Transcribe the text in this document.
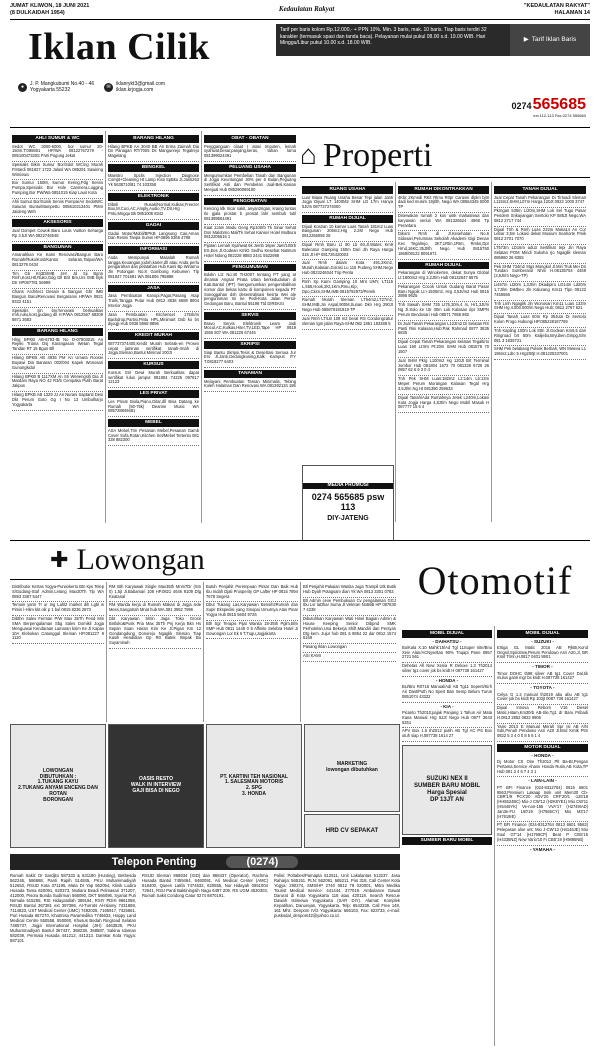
JUMAT KLIWON, 18 JUNI 2021
(8 DULKAIDAH 1954)	Kedaulatan Rakyat	"KEDAULATAN RAKYAT"
HALAMAN 14
Iklan Cilik
●	J. P. Mangkubumi No.40 - 46
Yogyakarta 55232	✉	iklanrykt3@gmail.com
iklan.krjogja.com
Tarif per baris kolom Rp.12.000,- + PPN 10%. Min. 3 baris, mak. 10 baris. Tiap baris terdiri 32 karakter (termasuk spasi dan tanda baca). Pelayanan mulai pukul 08.00 s.d. 19.00 WIB. Hari Minggu/Libur pukul 10.00 s.d. 18.00 WIB.	▶ Tarif Iklan Baris
0274 565685
ext.112-113 Fax.0274 555660
AHLI SUMUR & WC
Sedot WC 3000-6000, bor sumur 20-150m.T:085591 HP/WA 08122767279 - 08510047320S P.Wi Pogung Jekat
Spesialis Bikin Sumur Bor/Sdot WC/ng Murah P.Mardi 081827 1723 Jalasl WA 085291 Sawiring Wimiowa
Bor Sumur 150M, Sumur Kering,Pdg Servis Pompa,Spesialis Bor Hole Canmera,Logging Pumping,Bor PW/Wa 0851019 Kiap Lauir Kota
Ahli Sumur Bor/Sonik Servis Pompa/Air SedotWC Saluran Buntu/Mampettu 085610213401 PMm Jaideng Weh
AKSESORIS
Jual Dompet Cowok Baru Louis Vuitton Seharga Rp 3.5Jt WA 0822746548
BANGUNAN
Amanahkan Ke Kami Renovasi/Bangun Baru Rumah/Ruko/Kost/Kantor Selaran,Talpon/WA 0813278 0434
Tim Gb Krj3D/IMB 4Hr Jd Sji Bgnn Rmh,Kost,Htl,Ruko,Gdg Dll Brit Bm,Urs IMB Byk Dtr HP087781 56999
Chans Architect Desain & Bangun Gbr IMB Bangun Baru/Renovasi Bergaransi HP/WA 0821 9332 4151
Spesialis Ijin bnr/renovasi berkualitas rmh,ruko,kost,gudang dll H:P/WA 0812567 68209 5871 2683
BARANG HILANG
Hlng BPKB AB-6793-IB No D-07903015 An Rejeki Triana Dsj Karangasan Wetan Tegal Tandan RT 15 Bgun Bll
Hilang BPKB AB 4936 PM An Umara Roosei Buyawi Dia Banaran 002/004 Kapek Wonosari Gunungkidul
Hilang BPKB B 1117XM An Sri Wenengsih Dia Jl Mardani Raya NO 42 R3/5 Cempaka Putih Barat Jakpus
Hilang BPKB AB 1329 JJ An Nurani Saptanti Desi Dkt Perum Goto Gg I No 13 Umbulharjo Yogyakarta
BARANG HILANG
Hilang BPKB AA 3040 BB An Erma Zaimah Dia Dn Panagan RT/7005 Ds Mangunrejo Tegalrejo Magelang
BENGKEL
Maestro Spclis Injection Diagnose Compt+Cleaning Ht Lamp Kisti SpBku Jl.Janti263 Yk 5638710/81 74 103358
ELEKTRONIK
Dibeli Rusak/Normal,Kulkas,Freezer Box,M.Cuci,AC,Amply,Audio,TV,DII,Hrg Pntu,Mngqu Bk 0851006 8342
GADAI
Gadai Motor/Mobil/BPKB Langsung Cair,Aman Dan Resmi Tanpa Survei HP.0896 5366 4788
INFORMASI
Anda Mempunyai Masalah Rumah tangga,Keuangan,jodoh,karier,dll atau Anda perlu pengarahan dan pelatahan Hub Kami Bp Winarno Jln Potongan No.8 Gombong Kebumen Tlp 081947 701681 WA 081806 795888
JASA
Jasa Pembuatan Kanopi,Pagar,Pasang Atap Trails,Tangga Putar Hub 0812 3838 6688 8804 Interior Jogja
Jasa Pembuatan Kitchenset 175rb/m Backdrop,Partisi,Pintu HPL,Minimart Dsb ko bs dijoqjji Hub 0838 5868 8896
KREDIT MURAH
087737374400,Kredit Murah Sebrak-en Proses cepat jaminan sertifikat tanah-rmah di Jogja,Sleman,Bantul Minimal 100Jt
KURSUS
Kursus Stir Dewi Murah Berkualitas dapat sertifikat lulus jamput 081804 74225 087817 12123
LES PRIVAT
Les Privat Biola,Piano,Gitar,dll Bisa Datang ke Rumah (50-75k) Deanne Music WA 085728849481
MEBEL
ASA Mebel,Trm Pesanan Mebel,Pesanan Gamb Cover Sofa,Rotan,Kitchen Set/Mebel Tertentu 081 338 882300
OBAT - OBATAN
Pengganguan cilaat I atasi Impoten, lemah syahwat,besar,panjang,keras, tahan lama 081399024491
PELUANG USAHA
Mengumumkan Pembelian Tanah dan Bangunan di Jogja Keuntungan 30% per 6 Bulan,Peguang Sertifikat Asli dan Pembelan Jual-Beli,Kasian Menjual Hub 085290069100
PENGOBATAN
Kencing Idk Iricar sakit, anyan2rigan, kraing tuntas Ilo gjala prostat b prostat lah/ sembuh totil 081389504491
Kaat 2Jam Madu Geng Rp100rb Tk Sinar Sehat Dsn Malobrno Mal/Tk Sehat Kanser Hotel Mulbura 0812206616 1
Pijatan Lemah Syahwat 6k Jemb 16per Jam/100rb ES,Ees Jl.Godean KmlG Sedhu Kesehat NuBrum Hotel Ndong 082228 8883 2441 5522988
PENGUMUMAN
Bdokn Ltz No:40 TH2007 tentang PT yang at dinamai Angsal Pirata Utara berkedudukan di Kab.Bantul (IPT) mengumumkan pengembalihan nomor dan bekas kartu di kompoinen kepada PT Sonoggahan dsh desentralisasi kesrta Wei ale pengurinman Ini ke Pedi-Kota Jalan Persil-Gedongan Baru, Bantul 55198 Ttd DIREKSI
SERVIS
Bravo Servis Elektronik Leam Jadi Mocul,AC,Kulkas,Hiter,TV,LED,Tape HP 0819 1555 507 WA 081226 67445
SKRIPSI
Siap Bantu Skripsi,Tesis & Desertasi Semua Jur Ers Jl.Janti,Gedongkuning,Kalk Kampus ITY T.0818277 6403
TANAMAN
Melayani Pembuatan Taman Minimalis, Tebing Koleh Halaman Dan Renovasi WA 081392134 186
⌂ Properti
RUANG USAHA
Luar Biasa Ruang Usaha Besar Tepi jalan Janti Jogja Dijual LT 1400M2 SHM LD 17m Hanya 5Jt/m 087737374000
RUMAH DIJUAL
Dijual Kos2an 10 kamar Luas Tanah 181m2 Luas Bangunan 206m2,Hrg 2.2M Nego Hub 0812256055 29
Dijual Rmh Baru Lt 90 Lb 60,Jl.Wates Km9 Balecatur Gamping 150m Dari Jln Raya Harga 315 Jt HP 081726420003
Jual Rmh dalam Kota 491,2Km2, Murah,Kalasan,Gorasi Lu 115 Pudeng SHM,Nego Hub 0823246044 Trip Penta
Rmh Sp Kami Gamping 10 Mnt UMY, LT115 L,565,Hook,2Kt,1Km,Rmu,Kip, Dpo,Cksn,SHM,IMB 0815792973/Pernik
Rumah Murah Sleman LT64m2,LT27m2, SHM,IMB,Jin Aspal,900M,Sunan Dkn Hrg 290Jt Nego Hub 085879181819 TP
Jual Rmh LT/LB 109 m2 berat RS Condongcatur sleman tgm jalan Raya-SHM 082 1851 183288 5
RUMAH DIKONTRAKKAN
4Kbr 2Kmndi RKit Rtmu R0pr Carasei dlpkn bjtn dadi ked musim 19jt/th, Nego WA 08564345 5000 TP
Disewakan rumah 2 kos untk mahasiswa dan karyawan serius WA 081326524 4968 Tp Perantara
Dikont Rmh di Jl.Kesehatan No.6 Sidosari,Perumnas Sekolah Akademi Gigi Denan Kec Tegalrejo, 3KT,1Rtm,1Rtm, Rmkn,Dpr Hrnd,16KC,35Jt/th Nego Hub 0815750 1868/08122 8091971
RUMAH DIJUAL
Pekarangan di Winokerten, dekat Sunya Global Lt:1800m2 Hrg 2,2Jt/m Hub 08132847 8676
Pekarangan Cocok Untuk Gudang Barat Pasar Baru Ngipik Lt:+1500m2, Hrg 3,5Jt/m2 Hub 0815 2895 9625
Tnh Sawah SHM 735 Lt76,30m,4 m, Hr1,3Jt/m Ng Jl.Solo ke Utr 30m Lok Kalasan dpr SMPN Perum Bendosari Hub 08571 7855 982
Di Jual Tanah Pekarangan L122m2 Di Selatan RS Panti Rini Kalasan,Hub:Pak Rahmad 0877 3835 6835
Dijual Cepat Tanah Pekarangan Selatan Tegaltirto Luas 160 Lt:8m Pt:20m SHM Hub 081578 70 1507
Jual SHM Pkrg L100m2 Hg 120Jt Brt Terminal Jombor Hub 081804 1672 70 081326 6726 26 0857 62 6 6 3 0 4
Tnh Pek SHM Luas:182m2 Lz:14m Lb:13m Mepet Perum Morangan Kalasan Tegal Hrg 3,5Jt/m Ng Ht 081390 259633
Dijual Tanah/Ada Rumahnya Jetek L240m,Lokasi Kota Jogja Harga 4,8Jt/m Nego Mobil Masuk H 087777 15 6 4
TANAH DIJUAL
Jual Cepat Tanah Pekarangan Di Tirtoadi Sleman L115m2,SHM,L07m Harga 120Jt 0822 1000 3747
Pkrngan 535m L/20m,SHM Lok Sel Tugu Pasar Pendem Srikayangan Sentolo KP 585Jt Nego,WA 0812 2717 744
Dijual Tnh & Rmh Luas 222m Muka14 An Cor Lebar 3,5m Lokasi dekat Musium Seahorte Pmik 0812 2701 7070
LT573m LD16m adu3 Sertifikat tepi Jln Raya Selatan POM Mindi Sukoha rjo Ngaglik sleman 085960 36 8365
Pek SHM 734m2 Stgs Mongkol Jl.Miri Truk Mei Dn Tundan Sumberarul Nhm H.08135754 4459 (3,5Jt/m Nego-TP)
Li467m Lt20m 1,3Jt/m Dkadipiro LD14m Ld20m 1,7Jt/m DiMbeo Jln Kalurang Km11 Tlpn 08122 7455556
Tnh Lmh Ngaglik Jln Wonosari Km11 Luas 133m SHM Hg 4.000.000/m Nego Hub: 0812 2767 621
Dijual Tanah Luas 60m Rp 35Juta Di Sentolo Kulon Progo Hubungi HP.085228187769
Tnh Kapling 100m Lok Sttn Jl.Godean Km6,5 dari Ringroad brt 50m Kalijebo,Bryuben,Gmpg,Slm 081 3 1835731
SHM Pek belakang Polsek Berbah, WN Mweva L1 196m2,LdIc 5 Hrg200jt H.081225337001
MEDIA PROMOSI
0274 565685 psw 113
DIY-JATENG
✚ Lowongan
Distributor Kertas Yogya-Purwokerto Btn Kjw Telep S/Gudang-Staf Admin,Lelang Max30Th Tlp WA 0893 3387 5447
Temuin yarm Tr ur Ing Lahl2 market dih Lgbl w Pimin l-Hlim kkt olir p 1 bul 0815 8236 2873
Dibthn Sales Ferman P/W Max 35Th Pend Min SMA Berpengalaman Sbg Sales Domikil Jogja Menguasai Kendaraan Lamaran kirim Ke Jl Kapas 10A Klebokan Catunggal Sleman HP.081227 9 1120
RM Bth Karyawati Single Max35th Mnm7Dr (Sm 0) 1,5jt Jl.Babarsari 108 HP.0821 4646 9109 Dtg Keatanal
RM Warida kerja di Rumah Makan di Jogja side Mess,Sangatrah Mnat hub WA.081 3952 7996
Dbt Karyawan Slrtin Jaga Toko Grosir Bntloko&Pusk Pria Max 35Th Pnj Kerja Bkn Hs Sepan Suan Haran Kim Ke Jl.Pigan Km 12 Gondangdung Donorejo Ngaglik Sleman Tiap Kasih Hendidian Dp Rtt Batek Ilmpak Bu Suyaminah
Butuh Penjahit Perempuan Pintar Dan Baik Hub Ibu Indah Djati Prosperity GP Lafter HP 0815 7894 7678 Segera
Dbut Tukang Las,Karyawan Bensih2Rumah dan Supir Ekspedisi yang Sinopai Umurnya Atas Pinar Yogya Hub 0815 5604 9726
Bth Sgr Terapis Pijat Wanita 18-35th Pglm,Blm SMP Hub 0811 1449 0 9 Affinite Selebra Hotel Ji Gowongan Lor Ek 6 T,Tugu,Jogjakarta
Btl Penjahit Pakaian Wanita Juga Trampil Utk Butik Hub Dyah Potagsam dian Yk WA 0813 3301 0783
Btl Admin ceve Pembukuan Cv pengalaman GGJ Ibu Lvr laDhar Suma Jl Veteran No56B HP 087830 7 4238
Dibutuhkan Karyawan Wati Hinel Bagian Admin & House Keeping Senior Dibpnd SMK Perhotelan,Usa Bekerja Shift,Mandiri dan Persyan Dtg kem. Jujur hub 081 6 8854 22 dar 0812 1574 5169
Pasang Iklan Lowongan
ASI KAMI
LOWONGAN
DIBUTUHKAN :
1.TUKANG KAYU
2.TUKANG ANYAM ENCENG DAN ROTAN
BORONGAN
OASIS RESTO
WALK IN INTERVIEW
GAJI BISA DI NEGO
PT. KARTINI TEH NASIONAL
1. SALESMAN MOTORIS
2. SPG
3. HONDA
MARKETING
lowongan dibutuhkan
HRD CV SEPAKAT
Otomotif
MOBIL DIJUAL
- DAIHATSU -
Bu/Kala X.10 Mahk'15/Ad Tgl 11Super Irite/Bnu Xeiv Alan/ACNyseltan 90% Tnqapi Pane 0857 2721 561
Dehetas All New Xenia R Deluxe 1.3 Th2014 silver tg1 cover jok bs kridt H 087738 161427
- HONDA -
BU/Bro R0718 Manual/Adi AB Tg11 Seperti/Kirh Air Dast/Puth No Spert Ban Semp Belum Turun 0851074 43322
- KIA -
Picanto Th2010,pajak Panjang 1 Tahun Air Mata Kana Manual Hrg 52Jt Nego Hub 0877 3643 6251
APV Box 1.5 th2012 putih AB Tgl AC PS Box utuh siap H.087738 1614 27
SUZUKI NEX II
SUMBER BARU MOBIL
Harga Spesial
DP 13JT AN
SUMBER BARU MOBIL
MOBIL DIJUAL
- SUZUKI -
Ertiga GL Matic 2016 AB PjkBr,Kond Orignil,Spriotmw,Perum Pendowo Asri A20,Jl, BR Kmit Trmn,H.0817 0401 8601
- TIMOR -
Timor DOHC th98 silver AB tg1 Cover Dal,tik mulus ganti mgr bs kridt H.087738 161427
- TOYOTA -
Celya G 1.2 manual th2019 abu abu AB tg1 Cover jok bs kridt Rp 103jt 0087 738 161427
Dijual Innova Reborn V16 Diesel Matic,Hitam,Km30rb AB-Sle,Tg1 dr Baru Pribadi H.0813 2852 0822 9906
Yaris 2013 E Manual Merah Spr Isi AB A/N Sdri,Penuh Pendowo Asri A20 Jl.Bnd Kmtk Ptm 0822 5 3 4 0 0 8 5 6 1 4
MOTOR DIJUAL
- HONDA -
Dj Motor CS One Th2012 Plt Ba-Br,Pengan Pertama,Service Ahass Honda Rutin,AB Kota,TP Hub 081 3 4 6 7 4 3 1
- LAIN-LAIN -
PT BFI Finance (024-8312764) 0815 6601 9563,Premium Lakaap Innk unit Mem30 Cb-CBR'1/9 PCX'20 ADV'20 CRF'20/1 -125'18 (HH5524BC) Mio-J CW'12 (H2K8YE1) Mio CW'11 (H5445YK) Ve-non-155 VVA'17 (H2749IAD) Jan3e-FU 150'19 (H7565CY) Mio M3'17 (H7619IE)
PT BFI Finance (024-8312764 0813 6601 9563) Pelepasan ulse unt: Mio J-CW'13 (H4146JE) Mio Soul GT'14 (H1769CP) Beat P CBS'15 (H4335NZ) New Vario'10 Fi CBS'19 (H9895NB)
- YAMAHA -
Telepon Penting	(0274)
Rumah Sakit: Dr Sardjito 587333 & 631190 (Hunting), Bethesda 562246, 586688, Panti Rapih 514845, PKU Muhammadiyah 512653, RSUD Kota 371195, Mata Dr Yap 562054, Klinik Ludira Husada Tama 620091, 620373, Mutiara Beadi Pelmasari 371207, 412000, Pisora Bunda Sudirman 566090, DKT 566096, Syariat Puri Nirmala 515255, RSI Hidayatullah 389194, RSIY PDHI 9661088, RSUD Bantul 367381 ext 397386, At-Turrots Al-Islamy 7431868, 7114823, UST Medical Center (UMC) 7492025, 7165917, 7425661. Puri Husada 667270, Khatmisa Paramedika 7746633, Happy Land Medical Centre 550558, 550060, Khusus Bedah Ringroad Selatan 7485737, Jogja International Hospital (JIH) 4463535, PKU Muhammadiyah Bantul 367437, 368238, 368587, Sakina Idaman 582039, Permata Husada 441212, 441313. Damkar Kota Yogya: 587101
RSUD Sleman 868934 (IGD) dan 868437 (Operator), Rachma Husada Bantul 7459464, 6460091, Ari Medical Center (AMC) 618400, Queen Latifa 7474632, 620555, Nur Hidayah 0851004 72941, RSU Panti Baktiningsih Nagu 6497 209. RS UGM 4530303, Rumah Sakit Condong Catur 0274 8870191.
Polisi: Poltabes/Pamapta 512511, Unit Lakalantas 513237. Jasa Raharja: 565151. PLN: 562091, 565211. Pos 318, Call Center Kota Yogya: 290274, SMS/HP 2740 0812 78 020001, Mitra Medika Tourist Medical Service: 441444, 377019. Ambulance Gawat Darurat di Kota Yogyakarta 118 atau 420118. Search Rescue Dawah Istimewa Yogyakarta (SAR DIY). Alamat: Komplek Kepatihan, Danurejan, Yogyakarta. Telp: 6543339. Call Free 148, 161 Mhz. Denpom IV/2 Yogyakarta: 566103, Fax: 623733, e-mail: puskodal_denpom42@yahoo.co.id.
